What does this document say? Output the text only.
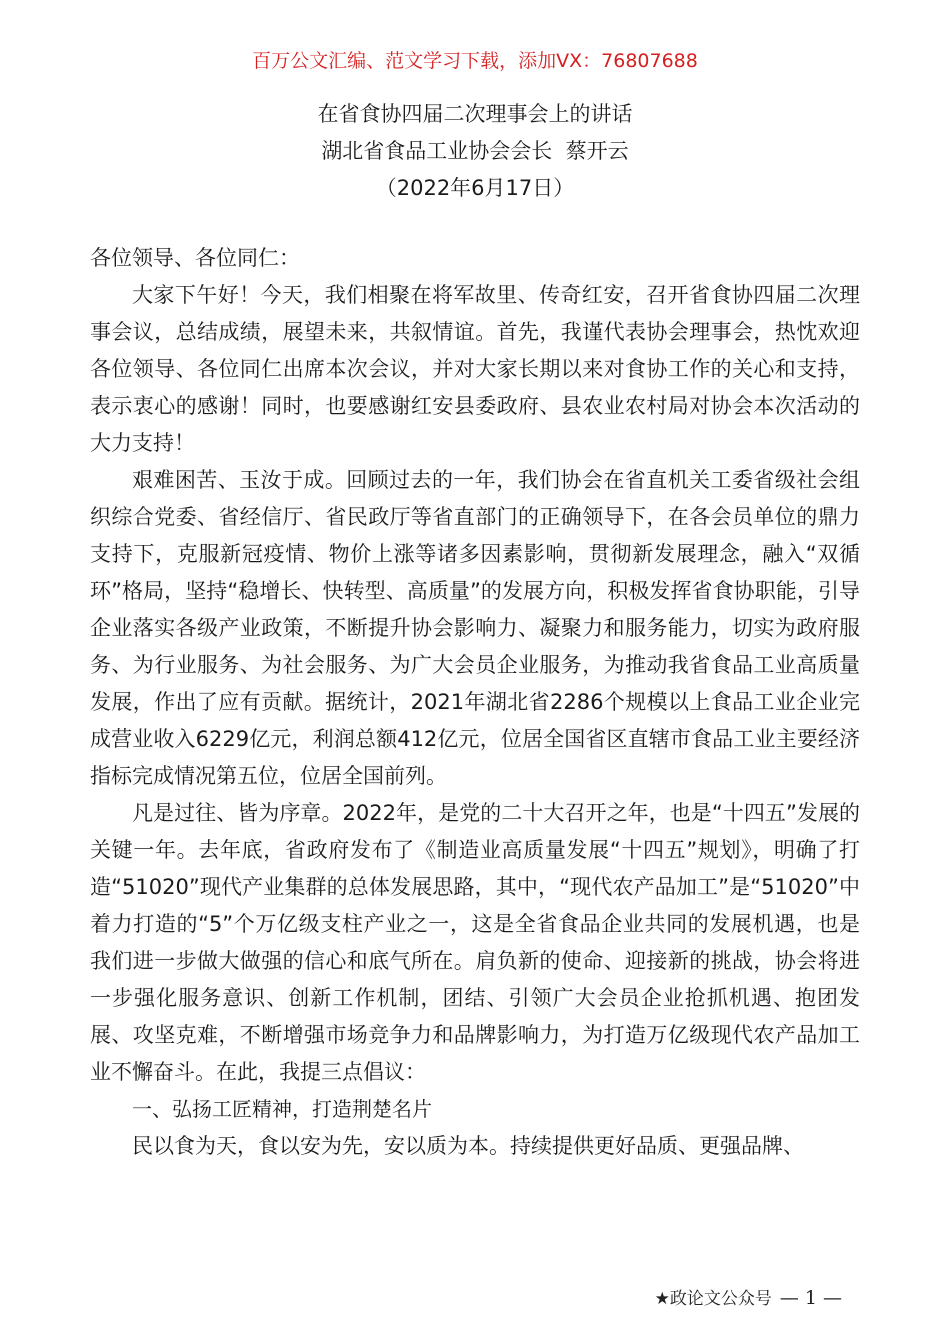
百万公文汇编、范文学习下载，添加VX：76807688
在省食协四届二次理事会上的讲话
湖北省食品工业协会会长  蔡开云
（2022年6月17日）

各位领导、各位同仁：

大家下午好！今天，我们相聚在将军故里、传奇红安，召开省食协四届二次理事会议，总结成绩，展望未来，共叙情谊。首先，我谨代表协会理事会，热忱欢迎各位领导、各位同仁出席本次会议，并对大家长期以来对食协工作的关心和支持，表示衷心的感谢！同时，也要感谢红安县委政府、县农业农村局对协会本次活动的大力支持！

艰难困苦、玉汝于成。回顾过去的一年，我们协会在省直机关工委省级社会组织综合党委、省经信厅、省民政厅等省直部门的正确领导下，在各会员单位的鼎力支持下，克服新冠疫情、物价上涨等诸多因素影响，贯彻新发展理念，融入“双循环”格局，坚持“稳增长、快转型、高质量”的发展方向，积极发挥省食协职能，引导企业落实各级产业政策，不断提升协会影响力、凝聚力和服务能力，切实为政府服务、为行业服务、为社会服务、为广大会员企业服务，为推动我省食品工业高质量发展，作出了应有贡献。据统计，2021年湖北省2286个规模以上食品工业企业完成营业收入6229亿元，利润总额412亿元，位居全国省区直辖市食品工业主要经济指标完成情况第五位，位居全国前列。

凡是过往、皆为序章。2022年，是党的二十大召开之年，也是“十四五”发展的关键一年。去年底，省政府发布了《制造业高质量发展“十四五”规划》，明确了打造“51020”现代产业集群的总体发展思路，其中，“现代农产品加工”是“51020”中着力打造的“5”个万亿级支柱产业之一，这是全省食品企业共同的发展机遇，也是我们进一步做大做强的信心和底气所在。肩负新的使命、迎接新的挑战，协会将进一步强化服务意识、创新工作机制，团结、引领广大会员企业抢抓机遇、抱团发展、攻坚克难，不断增强市场竞争力和品牌影响力，为打造万亿级现代农产品加工业不懈奋斗。在此，我提三点倡议：

一、弘扬工匠精神，打造荆楚名片

民以食为天，食以安为先，安以质为本。持续提供更好品质、更强品牌、

★政论文公众号 — 1 —
